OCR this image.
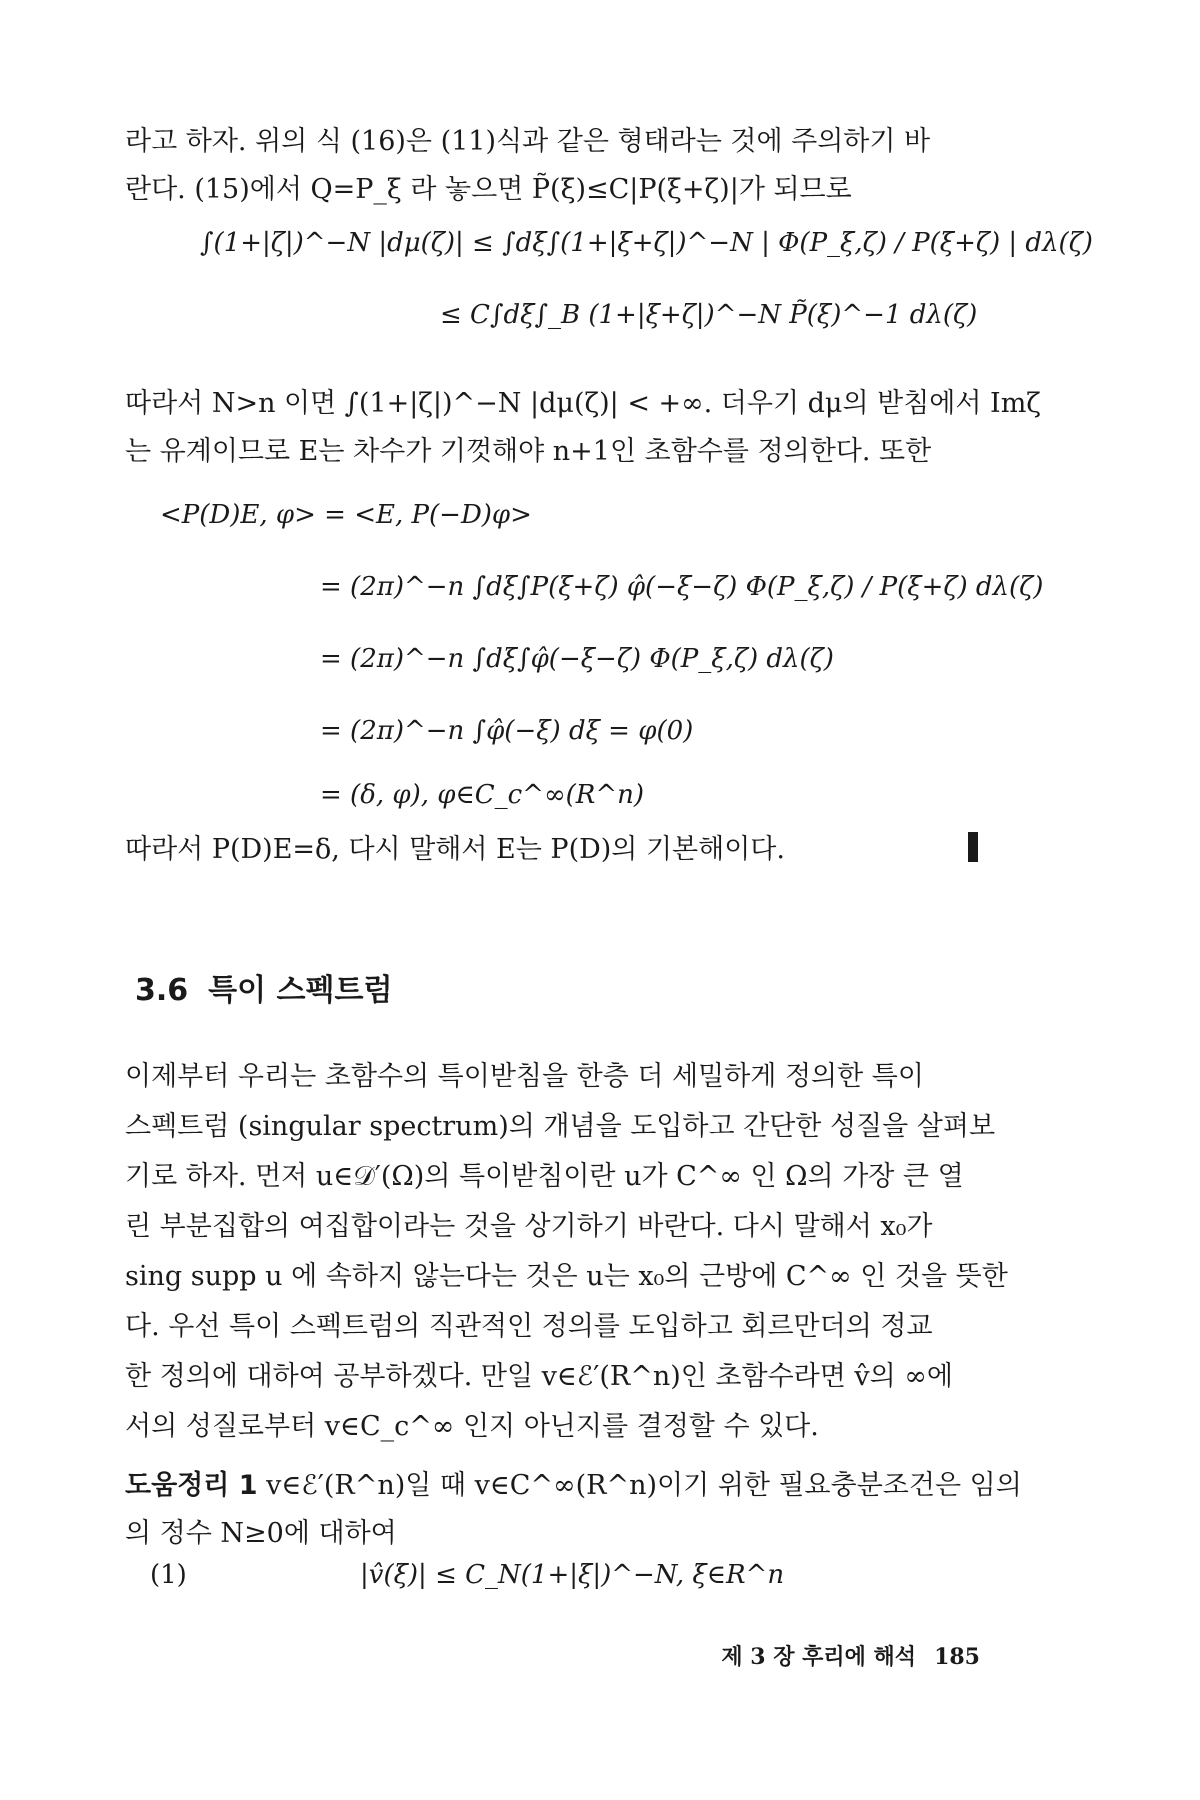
라고 하자. 위의 식 (16)은 (11)식과 같은 형태라는 것에 주의하기 바
란다. (15)에서 Q=P_ξ 라 놓으면 P̃(ξ)≤C|P(ξ+ζ)|가 되므로

∫(1+|ζ|)^−N |dμ(ζ)| ≤ ∫dξ∫(1+|ξ+ζ|)^−N | Φ(P_ξ,ζ) / P(ξ+ζ) | dλ(ζ)
≤ C∫dξ∫_B (1+|ξ+ζ|)^−N P̃(ξ)^−1 dλ(ζ)

따라서 N>n 이면 ∫(1+|ζ|)^−N |dμ(ζ)| < +∞. 더우기 dμ의 받침에서 Imζ
는 유계이므로 E는 차수가 기껏해야 n+1인 초함수를 정의한다. 또한

<P(D)E, φ> = <E, P(−D)φ>
= (2π)^−n ∫dξ∫P(ξ+ζ) φ̂(−ξ−ζ) Φ(P_ξ,ζ) / P(ξ+ζ) dλ(ζ)
= (2π)^−n ∫dξ∫φ̂(−ξ−ζ) Φ(P_ξ,ζ) dλ(ζ)
= (2π)^−n ∫φ̂(−ξ) dξ = φ(0)
= (δ, φ), φ∈C_c^∞(R^n)

따라서 P(D)E=δ, 다시 말해서 E는 P(D)의 기본해이다.

3.6 특이 스펙트럼

이제부터 우리는 초함수의 특이받침을 한층 더 세밀하게 정의한 특이
스펙트럼 (singular spectrum)의 개념을 도입하고 간단한 성질을 살펴보
기로 하자. 먼저 u∈𝒟′(Ω)의 특이받침이란 u가 C^∞ 인 Ω의 가장 큰 열
린 부분집합의 여집합이라는 것을 상기하기 바란다. 다시 말해서 x₀가
sing supp u 에 속하지 않는다는 것은 u는 x₀의 근방에 C^∞ 인 것을 뜻한
다. 우선 특이 스펙트럼의 직관적인 정의를 도입하고 회르만더의 정교
한 정의에 대하여 공부하겠다. 만일 v∈ℰ′(R^n)인 초함수라면 v̂의 ∞에
서의 성질로부터 v∈C_c^∞ 인지 아닌지를 결정할 수 있다.

도움정리 1 v∈ℰ′(R^n)일 때 v∈C^∞(R^n)이기 위한 필요충분조건은 임의
의 정수 N≥0에 대하여

(1)	|v̂(ξ)| ≤ C_N(1+|ξ|)^−N, ξ∈R^n
제 3 장 후리에 해석 185
